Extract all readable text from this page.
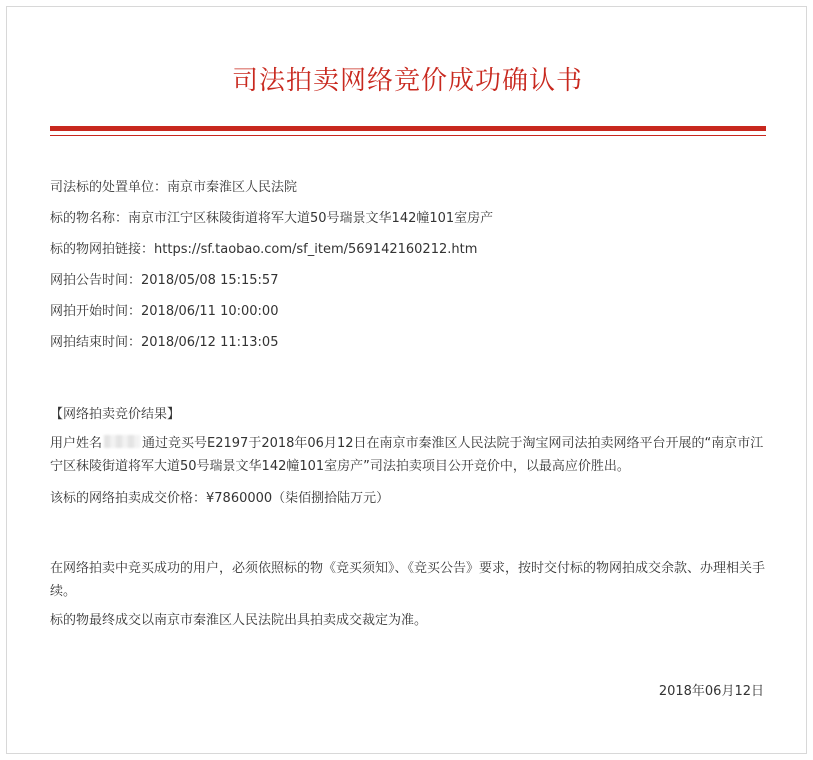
司法拍卖网络竞价成功确认书
司法标的处置单位：南京市秦淮区人民法院
标的物名称：南京市江宁区秣陵街道将军大道50号瑞景文华142幢101室房产
标的物网拍链接：https://sf.taobao.com/sf_item/569142160212.htm
网拍公告时间：2018/05/08 15:15:57
网拍开始时间：2018/06/11 10:00:00
网拍结束时间：2018/06/12 11:13:05
【网络拍卖竞价结果】
用户姓名	通过竞买号E2197于2018年06月12日在南京市秦淮区人民法院于淘宝网司法拍卖网络平台开展的“南京市江宁区秣陵街道将军大道50号瑞景文华142幢101室房产”司法拍卖项目公开竞价中，以最高应价胜出。
该标的网络拍卖成交价格：¥7860000（柒佰捌拾陆万元）
在网络拍卖中竞买成功的用户，必须依照标的物《竞买须知》、《竞买公告》要求，按时交付标的物网拍成交余款、办理相关手续。
标的物最终成交以南京市秦淮区人民法院出具拍卖成交裁定为准。
2018年06月12日
